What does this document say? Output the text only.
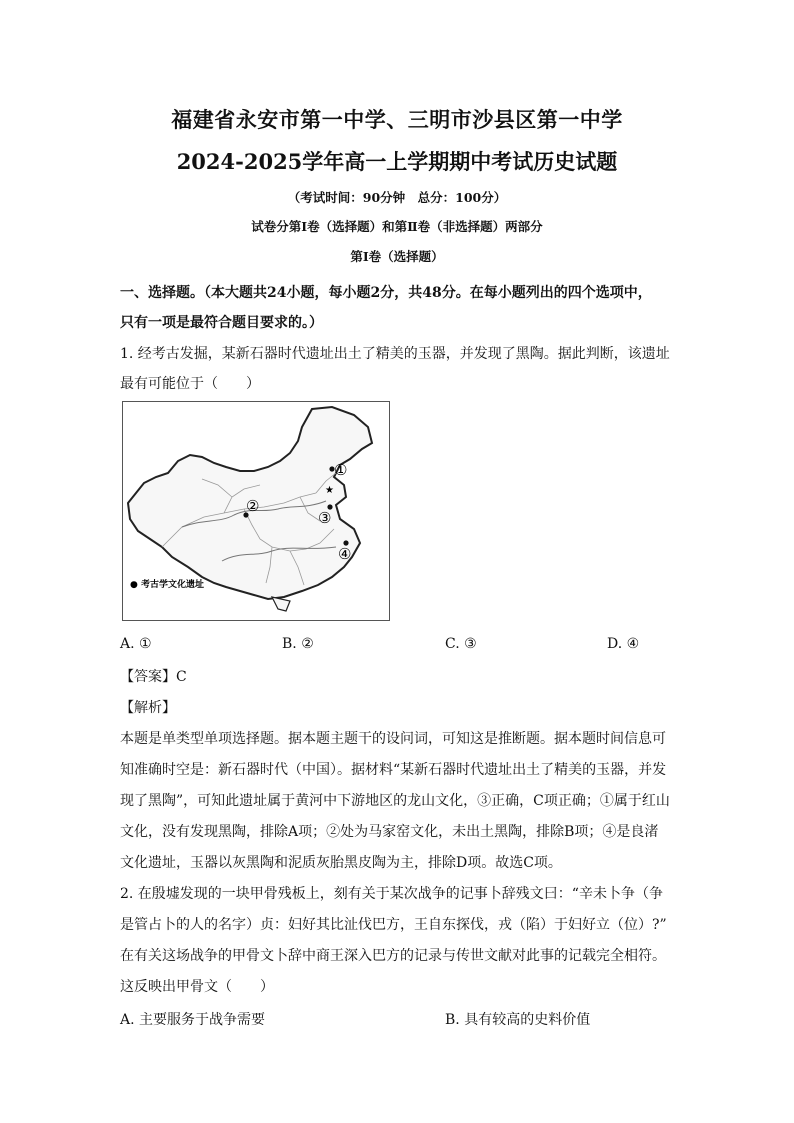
福建省永安市第一中学、三明市沙县区第一中学
2024-2025学年高一上学期期中考试历史试题
（考试时间：90分钟　总分：100分）
试卷分第Ⅰ卷（选择题）和第Ⅱ卷（非选择题）两部分
第Ⅰ卷（选择题）
一、选择题。（本大题共24小题，每小题2分，共48分。在每小题列出的四个选项中，
只有一项是最符合题目要求的。）
1. 经考古发掘，某新石器时代遗址出土了精美的玉器，并发现了黑陶。据此判断，该遗址
最有可能位于（　　）
★
①
②
③
④
● 考古学文化遗址
A. ①	B. ②	C. ③	D. ④
【答案】C
【解析】
本题是单类型单项选择题。据本题主题干的设问词，可知这是推断题。据本题时间信息可
知准确时空是：新石器时代（中国）。据材料“某新石器时代遗址出土了精美的玉器，并发
现了黑陶”，可知此遗址属于黄河中下游地区的龙山文化，③正确，C项正确；①属于红山
文化，没有发现黑陶，排除A项；②处为马家窑文化，未出土黑陶，排除B项；④是良渚
文化遗址，玉器以灰黑陶和泥质灰胎黑皮陶为主，排除D项。故选C项。
2. 在殷墟发现的一块甲骨残板上，刻有关于某次战争的记事卜辞残文曰：“辛未卜争（争
是管占卜的人的名字）贞：妇好其比沚伐巴方，王自东探伐，戎（陷）于妇好立（位）?”
在有关这场战争的甲骨文卜辞中商王深入巴方的记录与传世文献对此事的记载完全相符。
这反映出甲骨文（　　）
A. 主要服务于战争需要	B. 具有较高的史料价值
